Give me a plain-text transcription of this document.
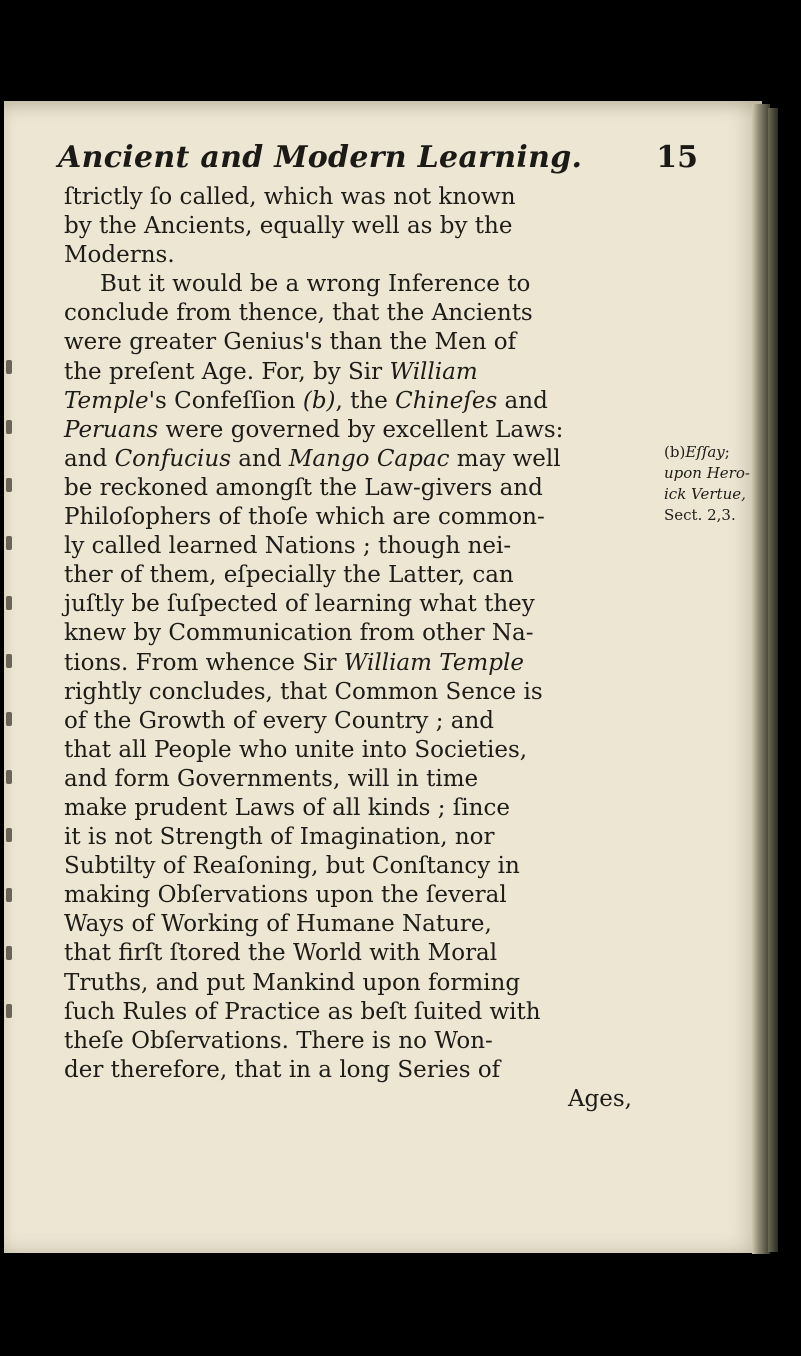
Ancient and Modern Learning. 15
ſtrictly ſo called, which was not known
by the Ancients, equally well as by the
Moderns.
But it would be a wrong Inference to
conclude from thence, that the Ancients
were greater Genius's than the Men of
the preſent Age. For, by Sir William
Temple's Confeſſion (b), the Chineſes and
Peruans were governed by excellent Laws:
and Confucius and Mango Capac may well
be reckoned amongſt the Law-givers and
Philoſophers of thoſe which are common-
ly called learned Nations ; though nei-
ther of them, eſpecially the Latter, can
juſtly be ſuſpected of learning what they
knew by Communication from other Na-
tions. From whence Sir William Temple
rightly concludes, that Common Sence is
of the Growth of every Country ; and
that all People who unite into Societies,
and form Governments, will in time
make prudent Laws of all kinds ; ſince
it is not Strength of Imagination, nor
Subtilty of Reaſoning, but Conſtancy in
making Obſervations upon the ſeveral
Ways of Working of Humane Nature,
that firſt ſtored the World with Moral
Truths, and put Mankind upon forming
ſuch Rules of Practice as beſt ſuited with
theſe Obſervations. There is no Won-
der therefore, that in a long Series of
Ages,
(b)Eſſay;
upon Hero-
ick Vertue,
Sect. 2,3.
